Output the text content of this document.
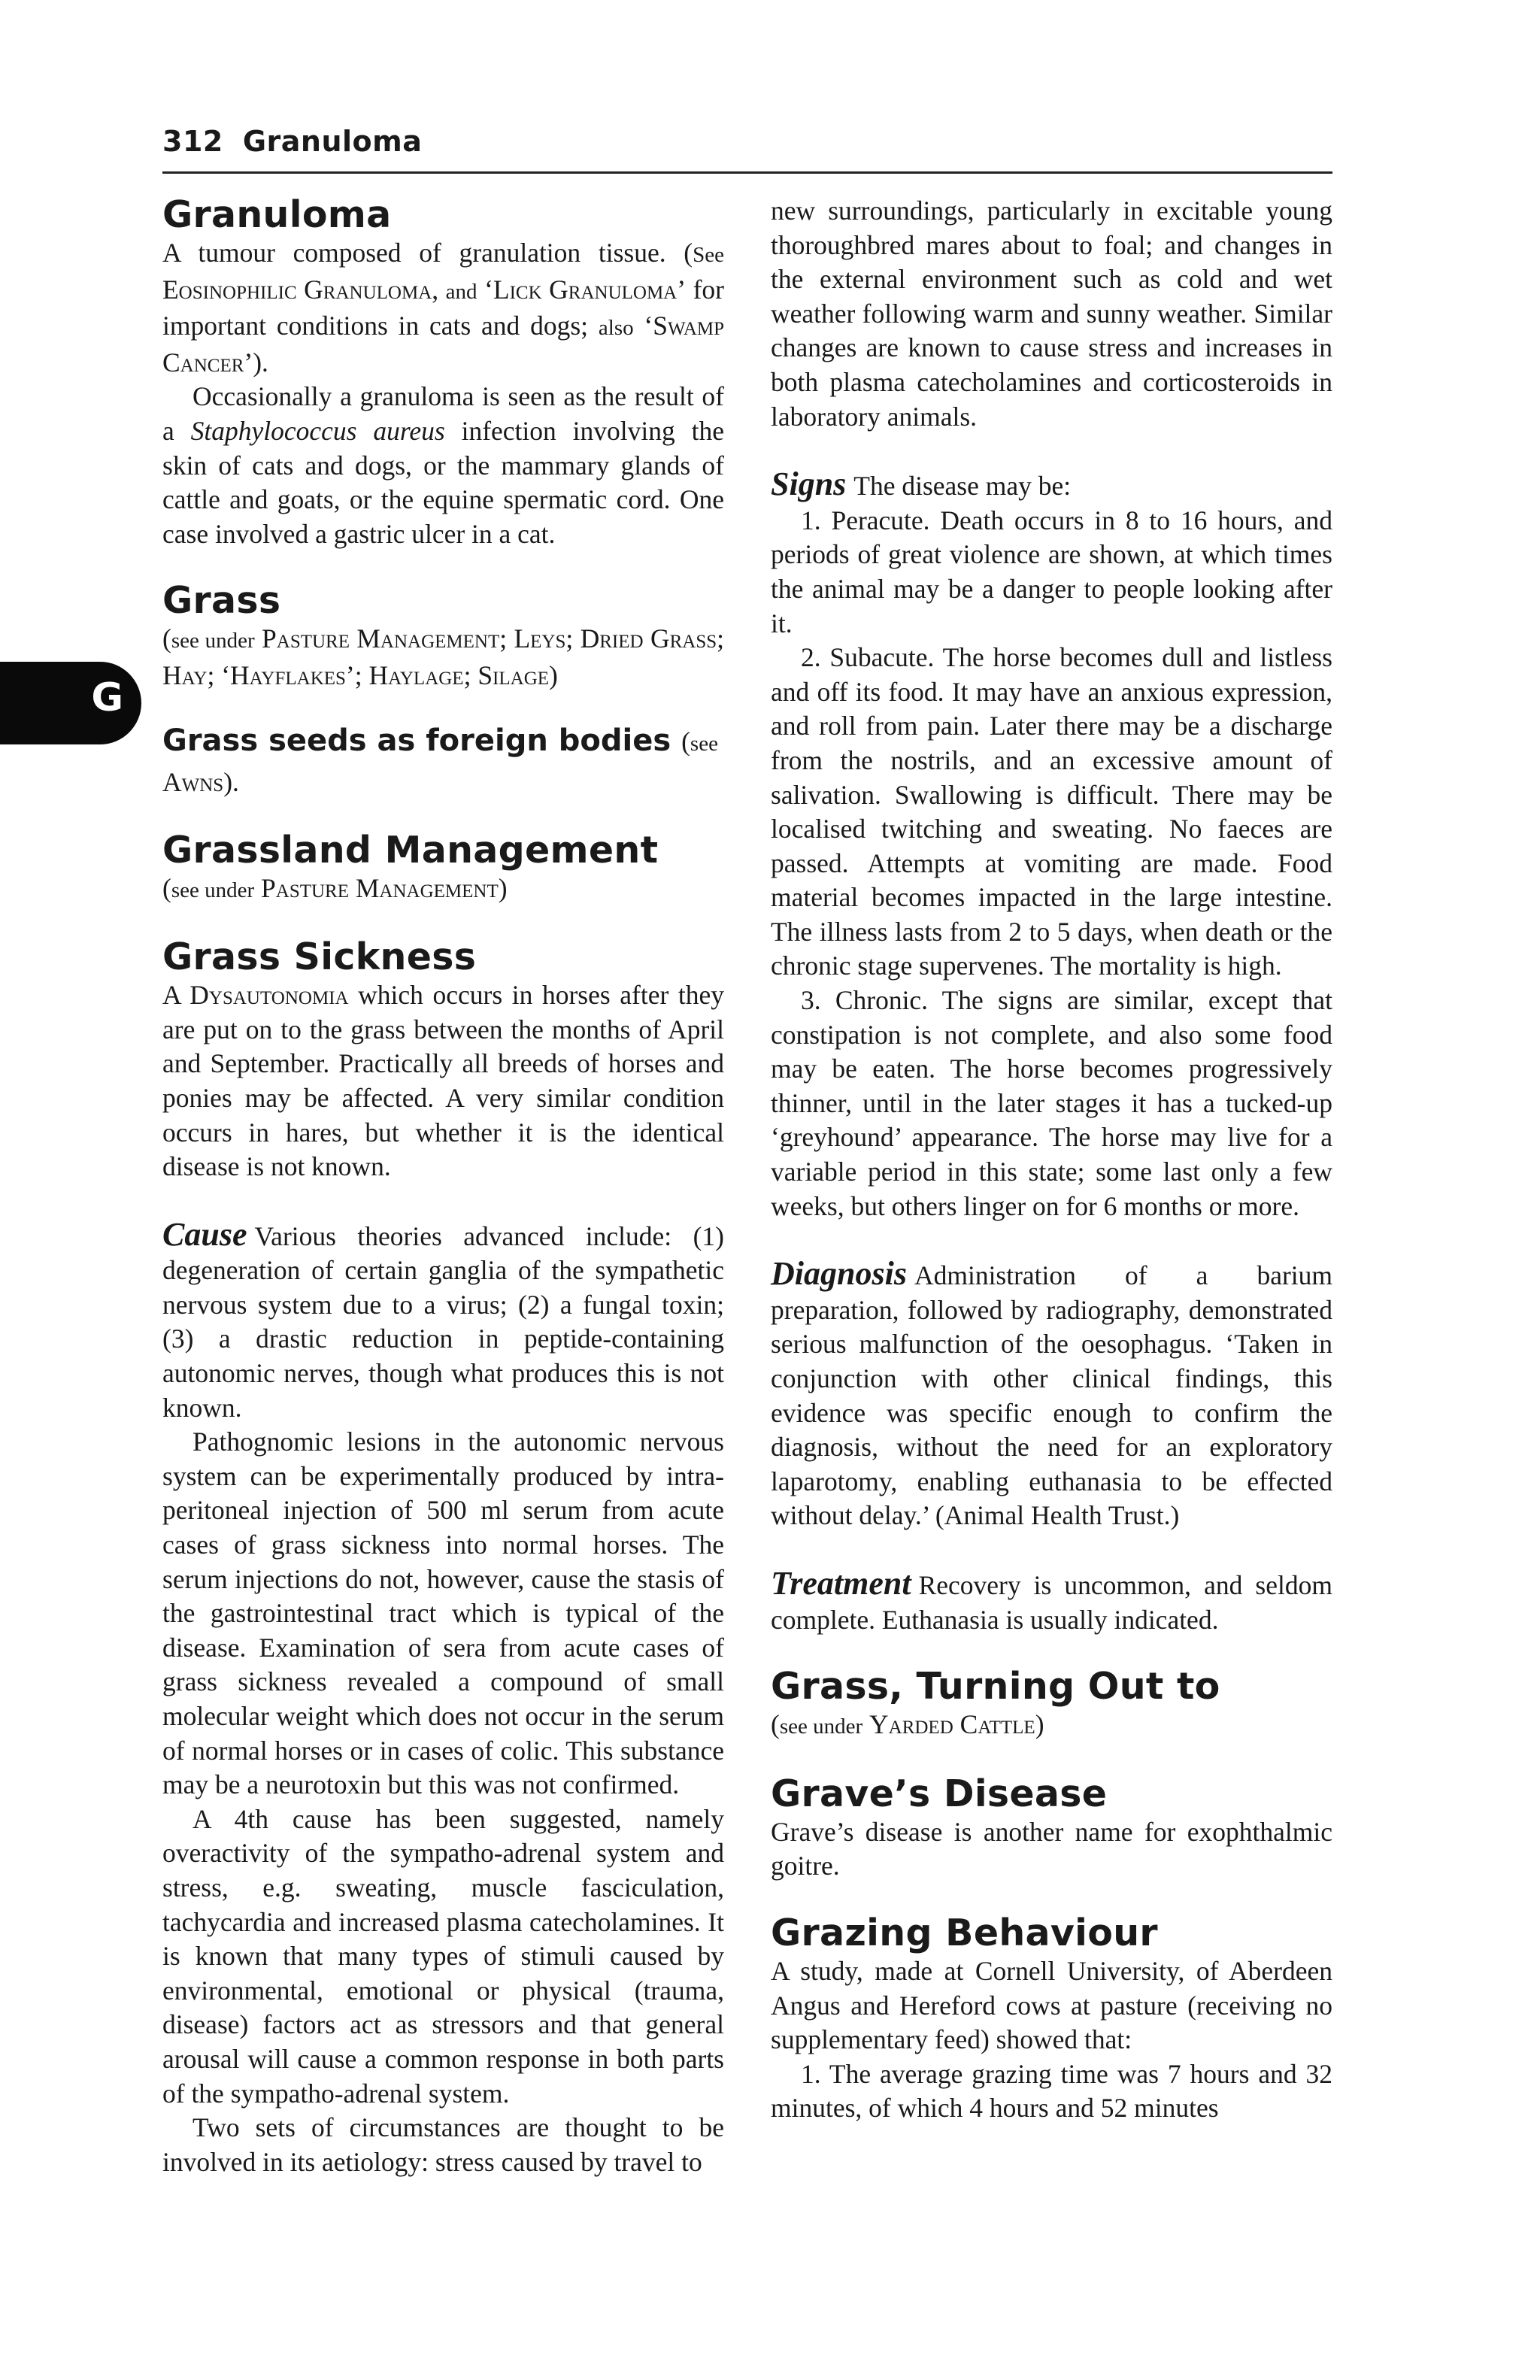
312 Granuloma
G
Granuloma

A tumour composed of granulation tissue. (See Eosinophilic Granuloma, and ‘Lick Granuloma’ for important conditions in cats and dogs; also ‘Swamp Cancer’).

Occasionally a granuloma is seen as the result of a Staphylococcus aureus infection involving the skin of cats and dogs, or the mammary glands of cattle and goats, or the equine spermatic cord. One case involved a gastric ulcer in a cat.

Grass

(see under Pasture Management; Leys; Dried Grass; Hay; ‘Hayflakes’; Haylage; Silage)

Grass seeds as foreign bodies (see Awns).
Grassland Management

(see under Pasture Management)

Grass Sickness

A Dysautonomia which occurs in horses after they are put on to the grass between the months of April and September. Practically all breeds of horses and ponies may be affected. A very similar condition occurs in hares, but whether it is the identical disease is not known.

Cause Various theories advanced include: (1) degeneration of certain ganglia of the sympathetic nervous system due to a virus; (2) a fungal toxin; (3) a drastic reduction in peptide-containing autonomic nerves, though what produces this is not known.

Pathognomic lesions in the autonomic nervous system can be experimentally produced by intra-peritoneal injection of 500 ml serum from acute cases of grass sickness into normal horses. The serum injections do not, however, cause the stasis of the gastrointestinal tract which is typical of the disease. Examination of sera from acute cases of grass sickness revealed a compound of small molecular weight which does not occur in the serum of normal horses or in cases of colic. This substance may be a neurotoxin but this was not confirmed.

A 4th cause has been suggested, namely overactivity of the sympatho-adrenal system and stress, e.g. sweating, muscle fasciculation, tachycardia and increased plasma catecholamines. It is known that many types of stimuli caused by environmental, emotional or physical (trauma, disease) factors act as stressors and that general arousal will cause a common response in both parts of the sympatho-adrenal system.

Two sets of circumstances are thought to be involved in its aetiology: stress caused by travel to

new surroundings, particularly in excitable young thoroughbred mares about to foal; and changes in the external environment such as cold and wet weather following warm and sunny weather. Similar changes are known to cause stress and increases in both plasma catecholamines and corticosteroids in laboratory animals.

Signs The disease may be:

1. Peracute. Death occurs in 8 to 16 hours, and periods of great violence are shown, at which times the animal may be a danger to people looking after it.

2. Subacute. The horse becomes dull and listless and off its food. It may have an anxious expression, and roll from pain. Later there may be a discharge from the nostrils, and an excessive amount of salivation. Swallowing is difficult. There may be localised twitching and sweating. No faeces are passed. Attempts at vomiting are made. Food material becomes impacted in the large intestine. The illness lasts from 2 to 5 days, when death or the chronic stage supervenes. The mortality is high.

3. Chronic. The signs are similar, except that constipation is not complete, and also some food may be eaten. The horse becomes progressively thinner, until in the later stages it has a tucked-up ‘greyhound’ appearance. The horse may live for a variable period in this state; some last only a few weeks, but others linger on for 6 months or more.

Diagnosis Administration of a barium preparation, followed by radiography, demonstrated serious malfunction of the oesophagus. ‘Taken in conjunction with other clinical findings, this evidence was specific enough to confirm the diagnosis, without the need for an exploratory laparotomy, enabling euthanasia to be effected without delay.’ (Animal Health Trust.)

Treatment Recovery is uncommon, and seldom complete. Euthanasia is usually indicated.

Grass, Turning Out to

(see under Yarded Cattle)

Grave’s Disease

Grave’s disease is another name for exophthalmic goitre.

Grazing Behaviour

A study, made at Cornell University, of Aberdeen Angus and Hereford cows at pasture (receiving no supplementary feed) showed that:

1. The average grazing time was 7 hours and 32 minutes, of which 4 hours and 52 minutes
